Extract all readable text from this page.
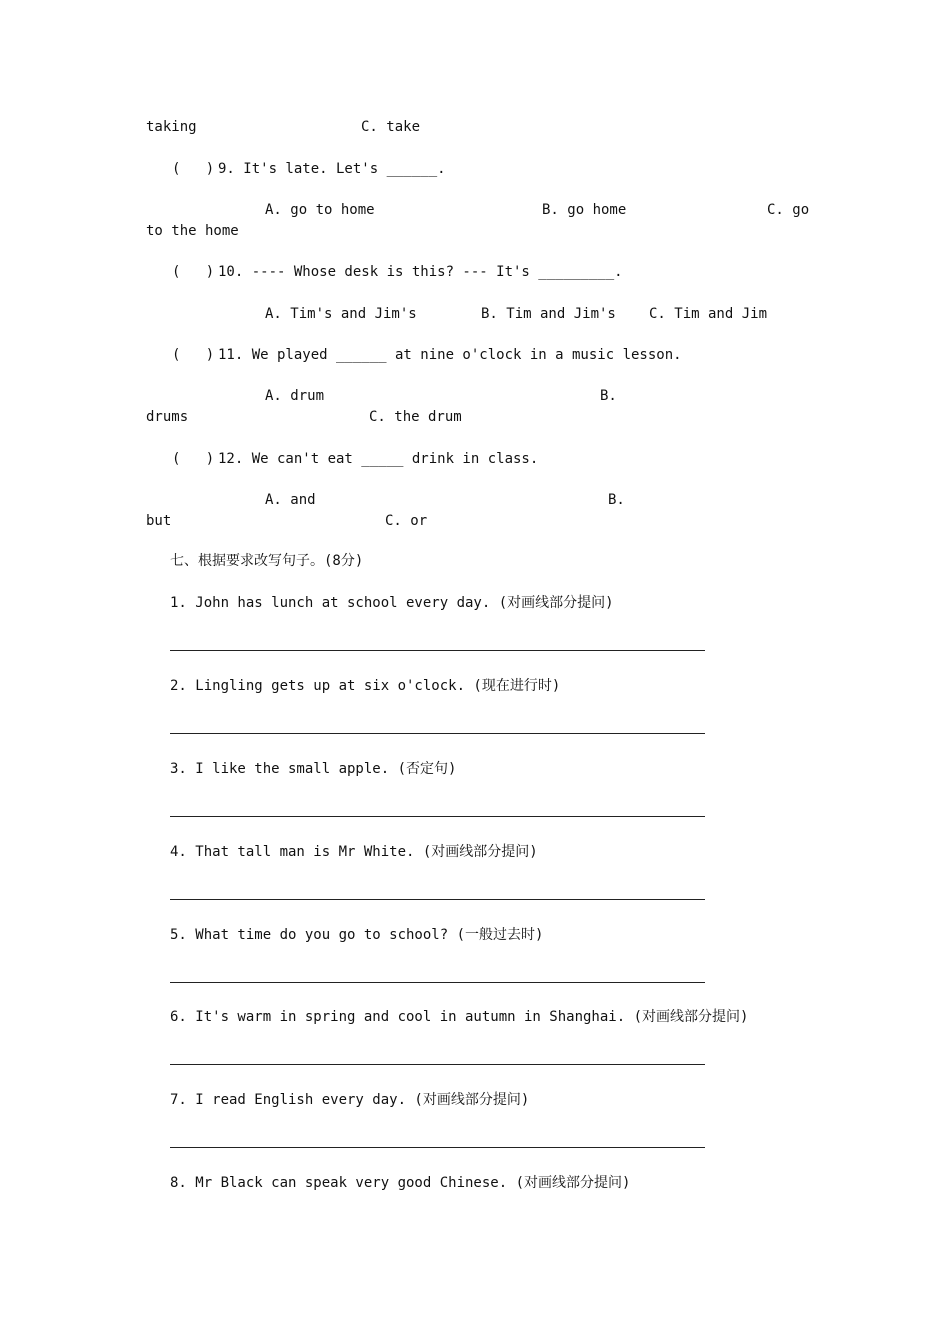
taking	C. take
(   ) 9. It's late. Let's ______.
A. go to home	B. go home	C. go
to the home
(   ) 10. ---- Whose desk is this? --- It's _________.
A. Tim's and Jim's	B. Tim and Jim's C. Tim and Jim
(   ) 11. We played ______ at nine o'clock in a music lesson.
A. drum	B.
drums	C. the drum
(   ) 12. We can't eat _____ drink in class.
A. and	B.
but	C. or
七、根据要求改写句子。(8分)
1. John has lunch at school every day. (对画线部分提问)
2. Lingling gets up at six o'clock. (现在进行时)
3. I like the small apple. (否定句)
4. That tall man is Mr White. (对画线部分提问)
5. What time do you go to school? (一般过去时)
6. It's warm in spring and cool in autumn in Shanghai. (对画线部分提问)
7. I read English every day. (对画线部分提问)
8. Mr Black can speak very good Chinese. (对画线部分提问)
